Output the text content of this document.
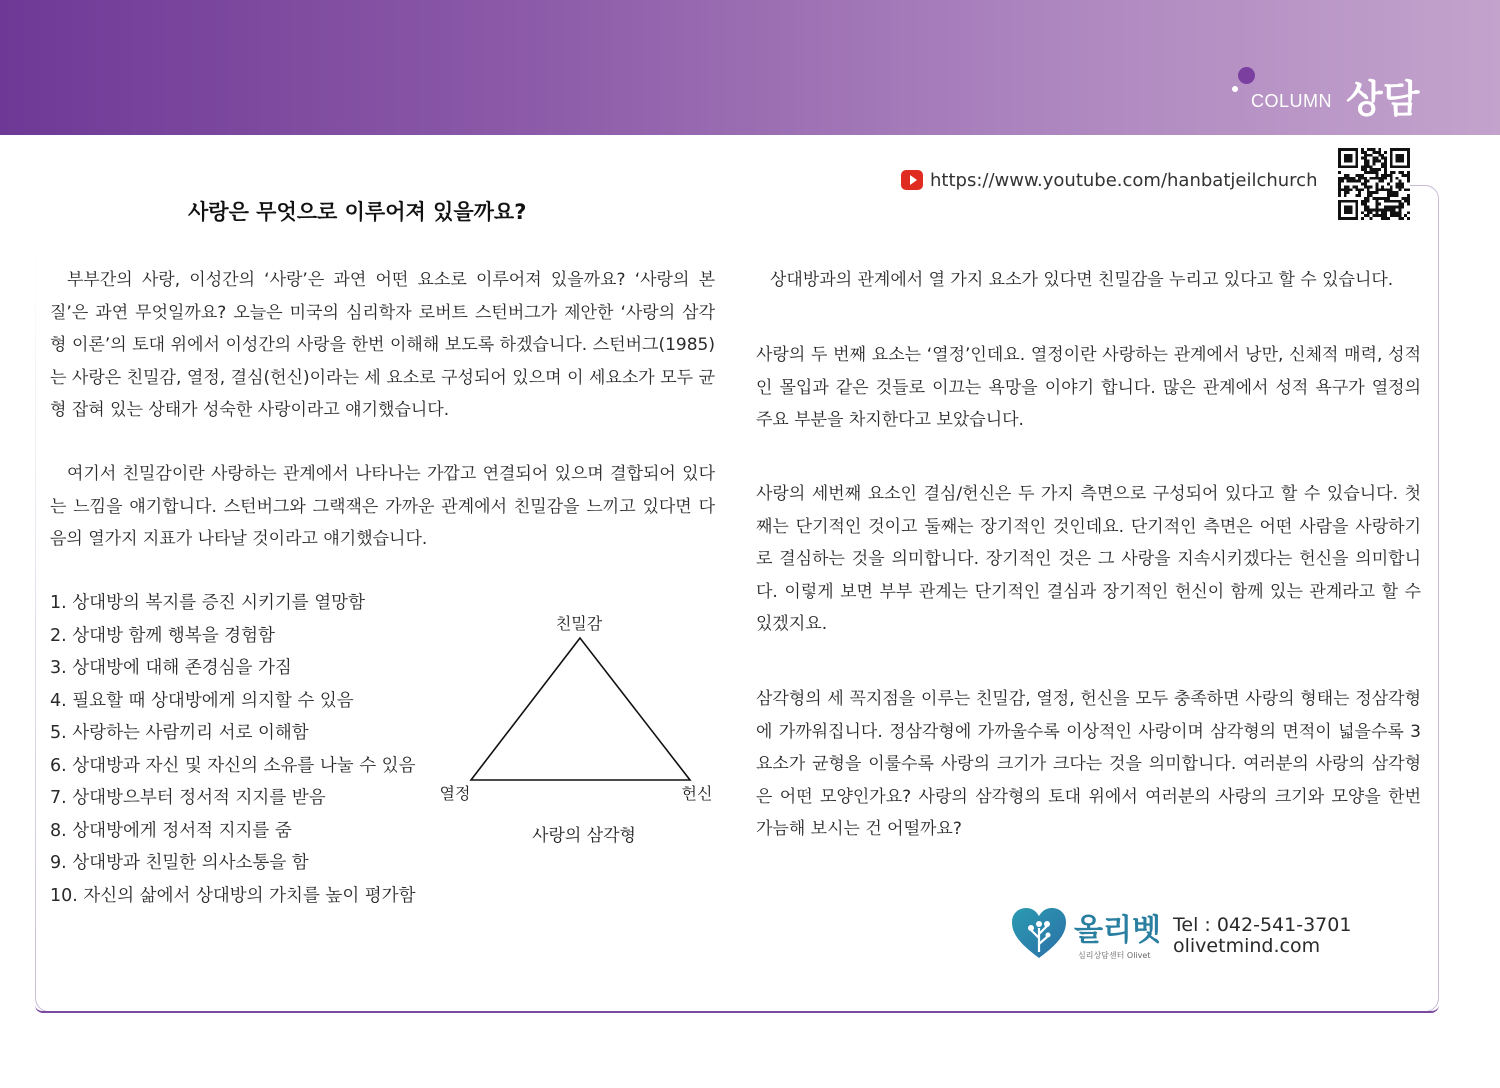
COLUMN 상담
사랑은 무엇으로 이루어져 있을까요?
https://www.youtube.com/hanbatjeilchurch
부부간의 사랑, 이성간의 ‘사랑’은 과연 어떤 요소로 이루어져 있을까요? ‘사랑의 본질’은 과연 무엇일까요? 오늘은 미국의 심리학자 로버트 스턴버그가 제안한 ‘사랑의 삼각형 이론’의 토대 위에서 이성간의 사랑을 한번 이해해 보도록 하겠습니다. 스턴버그(1985)는 사랑은 친밀감, 열정, 결심(헌신)이라는 세 요소로 구성되어 있으며 이 세요소가 모두 균형 잡혀 있는 상태가 성숙한 사랑이라고 얘기했습니다.
여기서 친밀감이란 사랑하는 관계에서 나타나는 가깝고 연결되어 있으며 결합되어 있다는 느낌을 얘기합니다. 스턴버그와 그랙잭은 가까운 관계에서 친밀감을 느끼고 있다면 다음의 열가지 지표가 나타날 것이라고 얘기했습니다.
1. 상대방의 복지를 증진 시키기를 열망함
2. 상대방 함께 행복을 경험함
3. 상대방에 대해 존경심을 가짐
4. 필요할 때 상대방에게 의지할 수 있음
5. 사랑하는 사람끼리 서로 이해함
6. 상대방과 자신 및 자신의 소유를 나눌 수 있음
7. 상대방으부터 정서적 지지를 받음
8. 상대방에게 정서적 지지를 줌
9. 상대방과 친밀한 의사소통을 함
10. 자신의 삶에서 상대방의 가치를 높이 평가함
친밀감
열정	헌신
사랑의 삼각형
상대방과의 관계에서 열 가지 요소가 있다면 친밀감을 누리고 있다고 할 수 있습니다.
사랑의 두 번째 요소는 ‘열정’인데요. 열정이란 사랑하는 관계에서 낭만, 신체적 매력, 성적인 몰입과 같은 것들로 이끄는 욕망을 이야기 합니다. 많은 관계에서 성적 욕구가 열정의 주요 부분을 차지한다고 보았습니다.
사랑의 세번째 요소인 결심/헌신은 두 가지 측면으로 구성되어 있다고 할 수 있습니다. 첫째는 단기적인 것이고 둘째는 장기적인 것인데요. 단기적인 측면은 어떤 사람을 사랑하기로 결심하는 것을 의미합니다. 장기적인 것은 그 사랑을 지속시키겠다는 헌신을 의미합니다. 이렇게 보면 부부 관계는 단기적인 결심과 장기적인 헌신이 함께 있는 관계라고 할 수 있겠지요.
삼각형의 세 꼭지점을 이루는 친밀감, 열정, 헌신을 모두 충족하면 사랑의 형태는 정삼각형에 가까워집니다. 정삼각형에 가까울수록 이상적인 사랑이며 삼각형의 면적이 넓을수록 3요소가 균형을 이룰수록 사랑의 크기가 크다는 것을 의미합니다. 여러분의 사랑의 삼각형은 어떤 모양인가요? 사랑의 삼각형의 토대 위에서 여러분의 사랑의 크기와 모양을 한번 가늠해 보시는 건 어떨까요?
올리벳
심리상담센터 Olivet
Tel : 042-541-3701
olivetmind.com
